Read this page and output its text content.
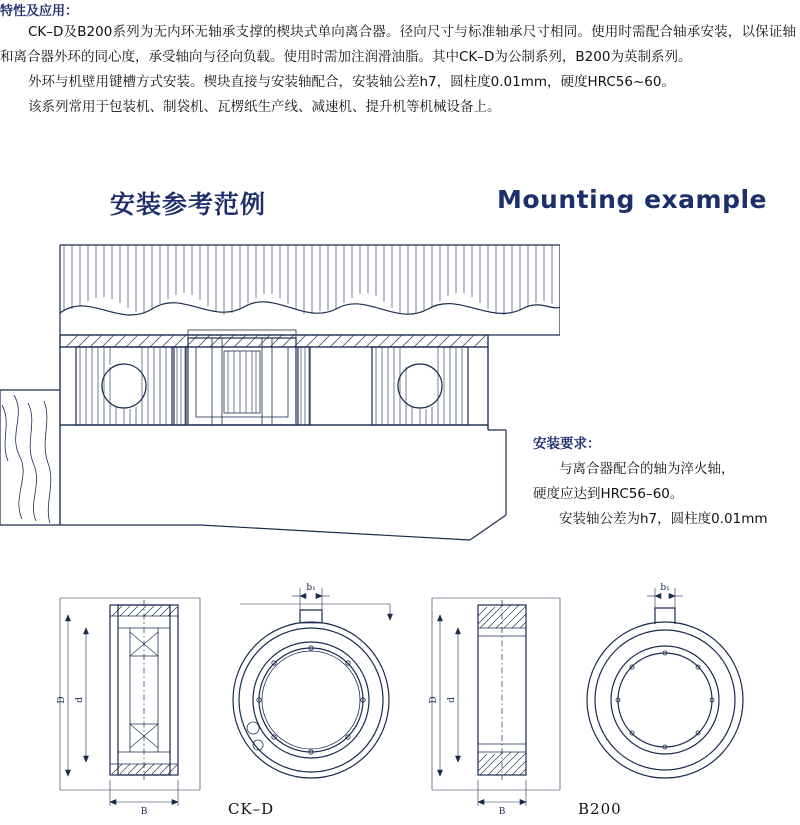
特性及应用：

CK–D及B200系列为无内环无轴承支撑的楔块式单向离合器。径向尺寸与标准轴承尺寸相同。使用时需配合轴承安装，以保证轴和离合器外环的同心度，承受轴向与径向负载。使用时需加注润滑油脂。其中CK–D为公制系列，B200为英制系列。

外环与机壁用键槽方式安装。楔块直接与安装轴配合，安装轴公差h7，圆柱度0.01mm，硬度HRC56~60。

该系列常用于包装机、制袋机、瓦楞纸生产线、减速机、提升机等机械设备上。

安装参考范例	Mounting example
安装要求：
与离合器配合的轴为淬火轴，
硬度应达到HRC56–60。
安装轴公差为h7，圆柱度0.01mm
D d
B
b₁
D d
B
b₁
CK–D	B200
